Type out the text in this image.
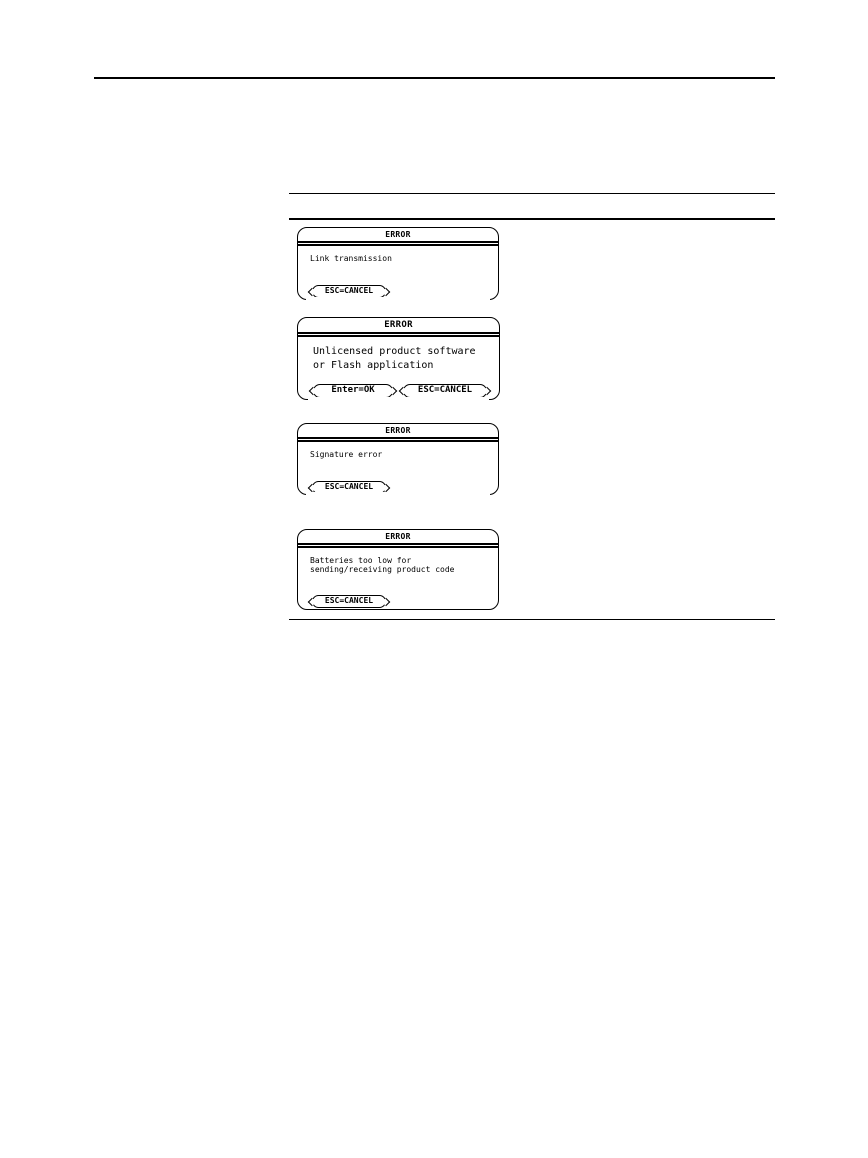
ERROR
Link transmission
ESC=CANCEL
ERROR
Unlicensed product software
or Flash application
Enter=OK	ESC=CANCEL
ERROR
Signature error
ESC=CANCEL
ERROR
Batteries too low for
sending/receiving product code
ESC=CANCEL
